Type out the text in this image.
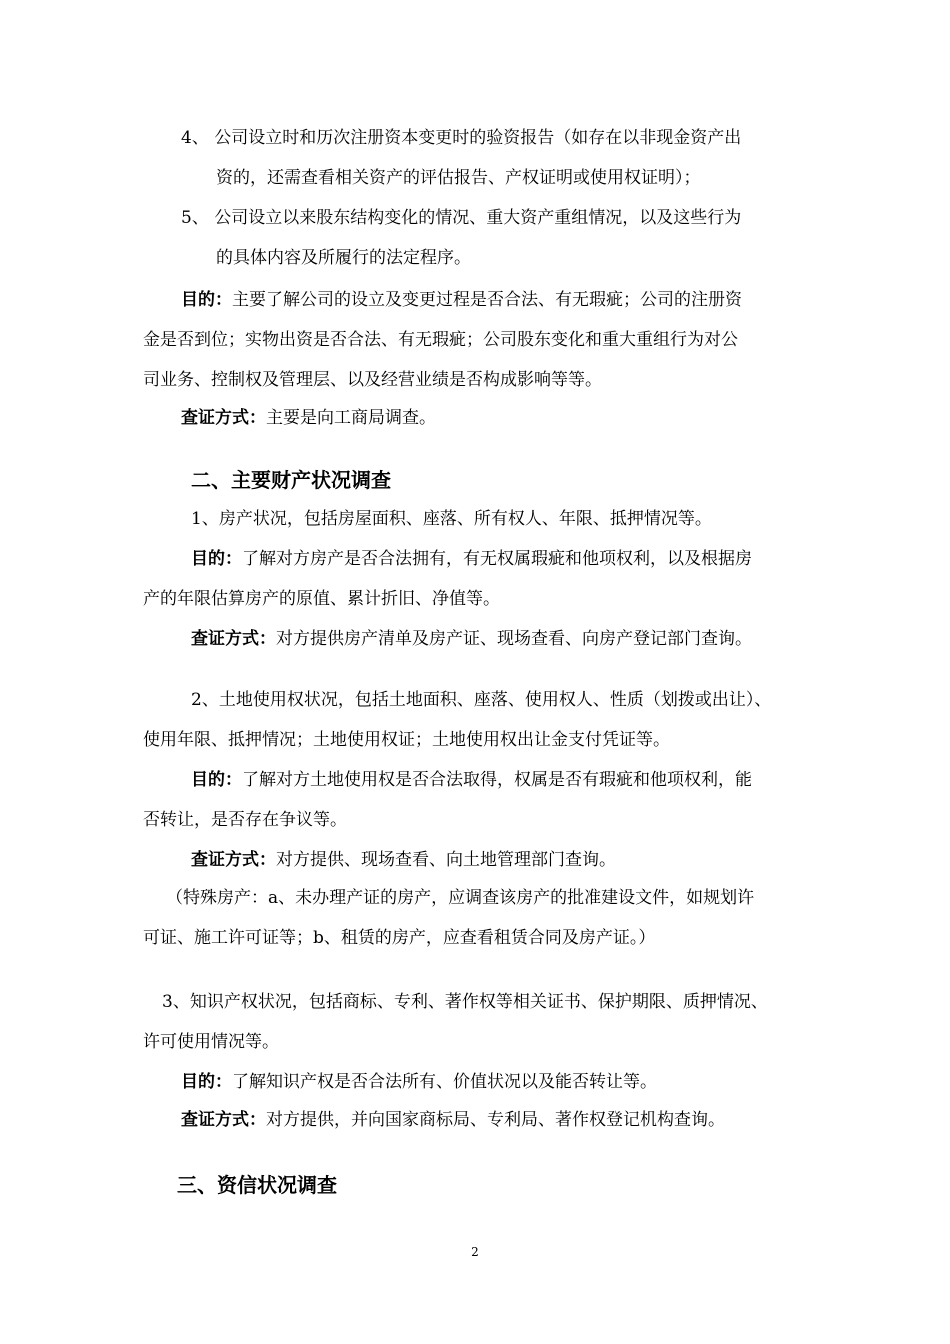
4、 公司设立时和历次注册资本变更时的验资报告（如存在以非现金资产出
资的，还需查看相关资产的评估报告、产权证明或使用权证明）；
5、 公司设立以来股东结构变化的情况、重大资产重组情况，以及这些行为
的具体内容及所履行的法定程序。
目的：主要了解公司的设立及变更过程是否合法、有无瑕疵；公司的注册资
金是否到位；实物出资是否合法、有无瑕疵；公司股东变化和重大重组行为对公
司业务、控制权及管理层、以及经营业绩是否构成影响等等。
查证方式：主要是向工商局调查。
二、主要财产状况调查
1、房产状况，包括房屋面积、座落、所有权人、年限、抵押情况等。
目的：了解对方房产是否合法拥有，有无权属瑕疵和他项权利，以及根据房
产的年限估算房产的原值、累计折旧、净值等。
查证方式：对方提供房产清单及房产证、现场查看、向房产登记部门查询。
2、土地使用权状况，包括土地面积、座落、使用权人、性质（划拨或出让）、
使用年限、抵押情况；土地使用权证；土地使用权出让金支付凭证等。
目的：了解对方土地使用权是否合法取得，权属是否有瑕疵和他项权利，能
否转让，是否存在争议等。
查证方式：对方提供、现场查看、向土地管理部门查询。
（特殊房产：a、未办理产证的房产，应调查该房产的批准建设文件，如规划许
可证、施工许可证等；b、租赁的房产，应查看租赁合同及房产证。）
3、知识产权状况，包括商标、专利、著作权等相关证书、保护期限、质押情况、
许可使用情况等。
目的：了解知识产权是否合法所有、价值状况以及能否转让等。
查证方式：对方提供，并向国家商标局、专利局、著作权登记机构查询。
三、资信状况调查
2
